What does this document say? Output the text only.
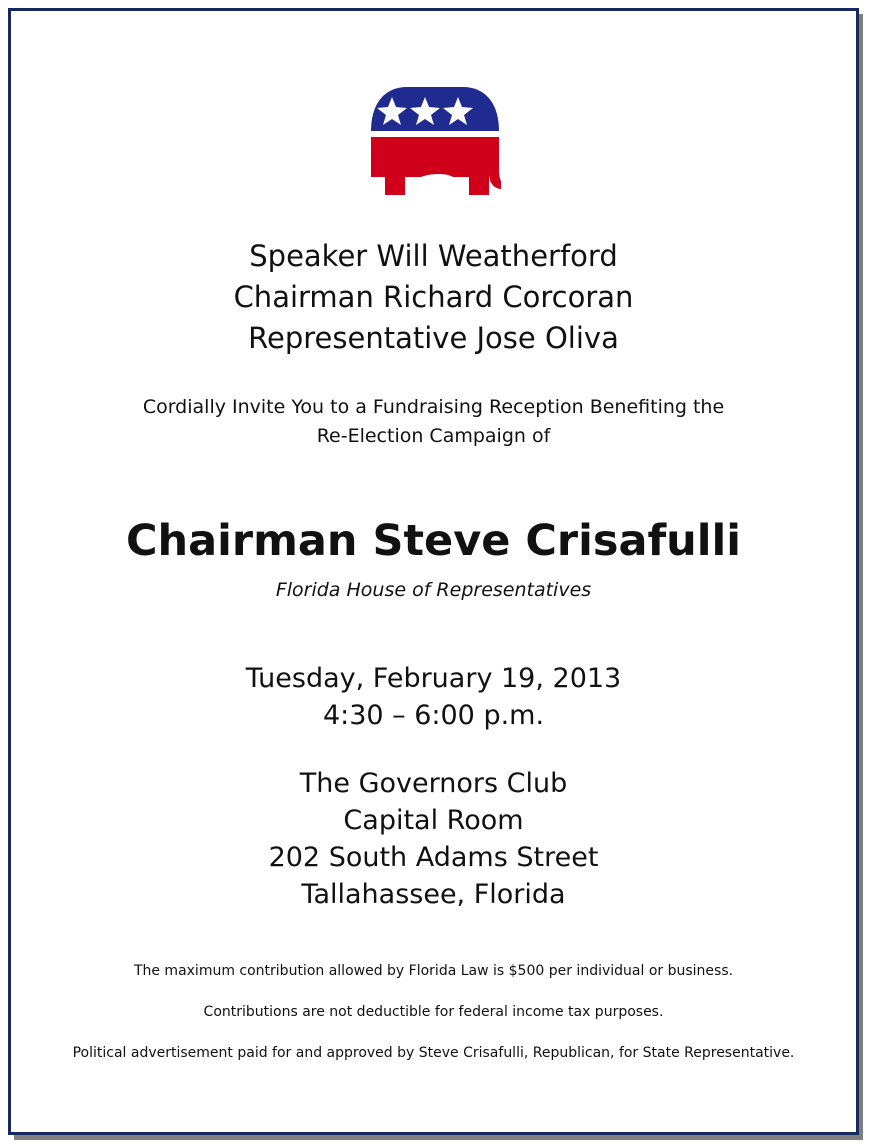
Speaker Will Weatherford
Chairman Richard Corcoran
Representative Jose Oliva
Cordially Invite You to a Fundraising Reception Benefiting the
Re-Election Campaign of
Chairman Steve Crisafulli
Florida House of Representatives
Tuesday, February 19, 2013
4:30 – 6:00 p.m.
The Governors Club
Capital Room
202 South Adams Street
Tallahassee, Florida
The maximum contribution allowed by Florida Law is $500 per individual or business.
Contributions are not deductible for federal income tax purposes.
Political advertisement paid for and approved by Steve Crisafulli, Republican, for State Representative.
